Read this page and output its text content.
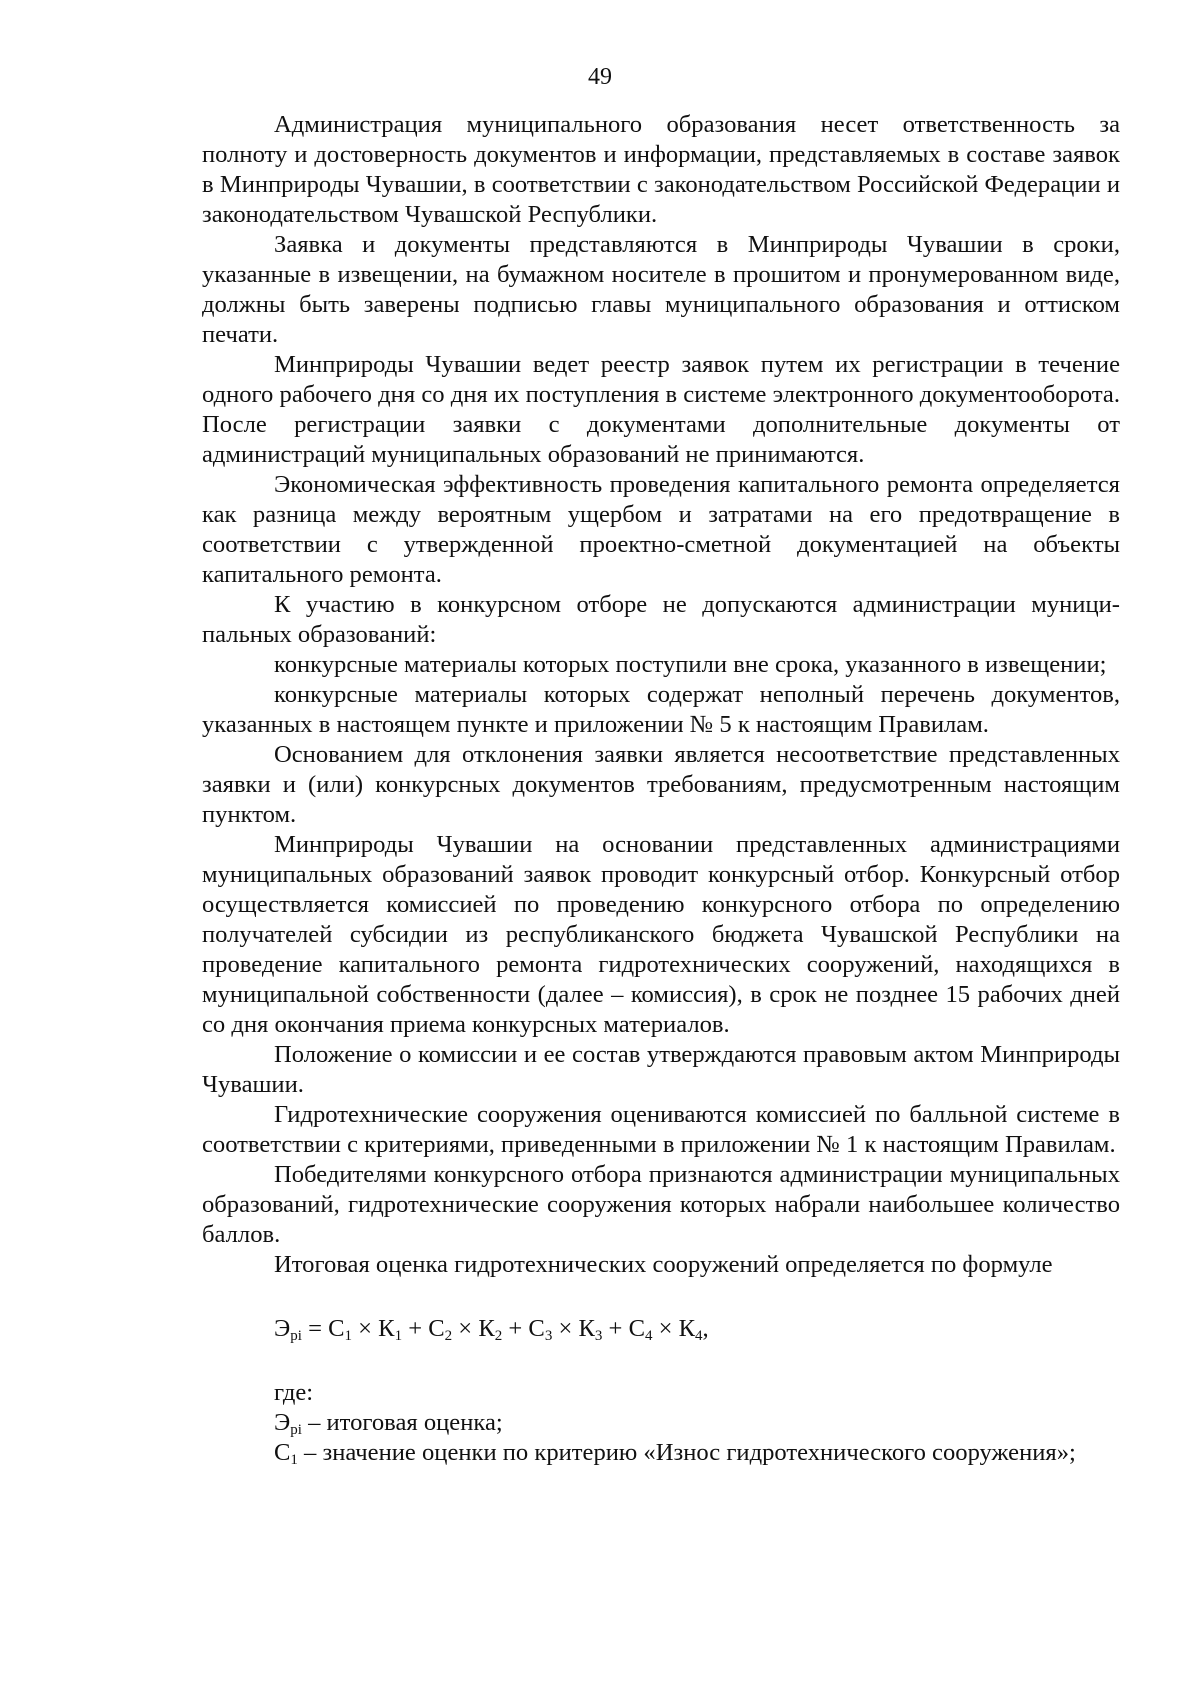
49

Администрация муниципального образования несет ответственность за полноту и достоверность документов и информации, представляемых в составе заявок в Минприроды Чувашии, в соответствии с законодательством Российской Федерации и законодательством Чувашской Республики.

Заявка и документы представляются в Минприроды Чувашии в сроки, указанные в извещении, на бумажном носителе в прошитом и пронумерованном виде, должны быть заверены подписью главы муниципального образования и оттиском печати.

Минприроды Чувашии ведет реестр заявок путем их регистрации в течение одного рабочего дня со дня их поступления в системе электронного документооборота. После регистрации заявки с документами дополнительные документы от администраций муниципальных образований не принимаются.

Экономическая эффективность проведения капитального ремонта определяется как разница между вероятным ущербом и затратами на его предотвращение в соответствии с утвержденной проектно-сметной документацией на объекты капитального ремонта.

К участию в конкурсном отборе не допускаются администрации муниципальных образований:

конкурсные материалы которых поступили вне срока, указанного в извещении;

конкурсные материалы которых содержат неполный перечень документов, указанных в настоящем пункте и приложении № 5 к настоящим Правилам.

Основанием для отклонения заявки является несоответствие представленных заявки и (или) конкурсных документов требованиям, предусмотренным настоящим пунктом.

Минприроды Чувашии на основании представленных администрациями муниципальных образований заявок проводит конкурсный отбор. Конкурсный отбор осуществляется комиссией по проведению конкурсного отбора по определению получателей субсидии из республиканского бюджета Чувашской Республики на проведение капитального ремонта гидротехнических сооружений, находящихся в муниципальной собственности (далее – комиссия), в срок не позднее 15 рабочих дней со дня окончания приема конкурсных материалов.

Положение о комиссии и ее состав утверждаются правовым актом Минприроды Чувашии.

Гидротехнические сооружения оцениваются комиссией по балльной системе в соответствии с критериями, приведенными в приложении № 1 к настоящим Правилам.

Победителями конкурсного отбора признаются администрации муниципальных образований, гидротехнические сооружения которых набрали наибольшее количество баллов.

Итоговая оценка гидротехнических сооружений определяется по формуле

$Э_{pi} = С_1 \times К_1 + С_2 \times К_2 + С_3 \times К_3 + С_4 \times К_4$,

где:

$Э_{pi}$ – итоговая оценка;

$С_1$ – значение оценки по критерию «Износ гидротехнического сооружения»;
